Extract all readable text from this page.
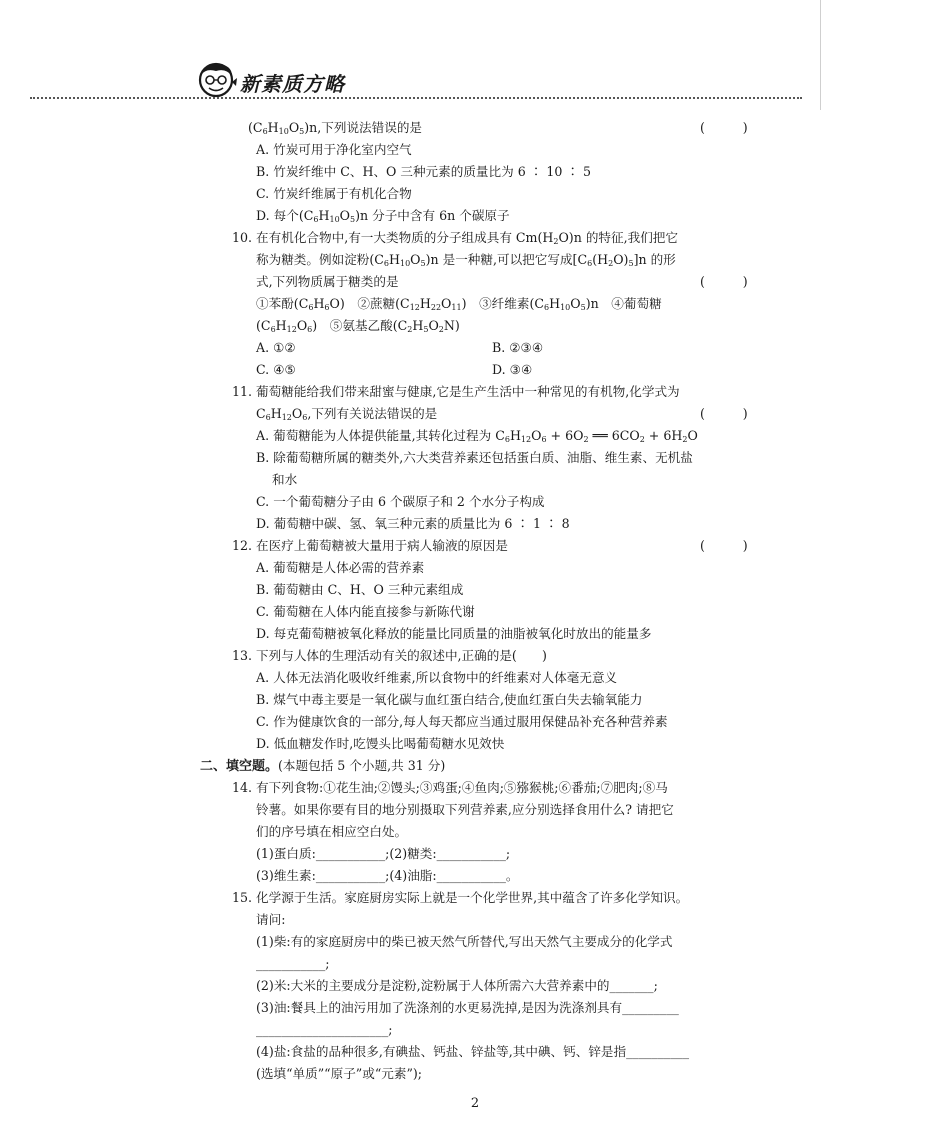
新素质方略
$(C_6H_{10}O_5)n$,下列说法错误的是
A. 竹炭可用于净化室内空气
B. 竹炭纤维中 C、H、O 三种元素的质量比为 6 ∶ 10 ∶ 5
C. 竹炭纤维属于有机化合物
D. 每个$(C_6H_{10}O_5)n$ 分子中含有 6n 个碳原子
10. 在有机化合物中,有一大类物质的分子组成具有 $Cm(H_2O)n$ 的特征,我们把它
称为糖类。例如淀粉$(C_6H_{10}O_5)n$ 是一种糖,可以把它写成$[C_6(H_2O)_5]n$ 的形
式,下列物质属于糖类的是
①苯酚$(C_6H_6O)$　②蔗糖$(C_{12}H_{22}O_{11})$　③纤维素$(C_6H_{10}O_5)n$　④葡萄糖
$(C_6H_{12}O_6)$　⑤氨基乙酸$(C_2H_5O_2N)$
A. ①②	B. ②③④
C. ④⑤	D. ③④
11. 葡萄糖能给我们带来甜蜜与健康,它是生产生活中一种常见的有机物,化学式为
$C_6H_{12}O_6$,下列有关说法错误的是
A. 葡萄糖能为人体提供能量,其转化过程为 $C_6H_{12}O_6 + 6O_2$ ══ $6CO_2 + 6H_2O$
B. 除葡萄糖所属的糖类外,六大类营养素还包括蛋白质、油脂、维生素、无机盐
和水
C. 一个葡萄糖分子由 6 个碳原子和 2 个水分子构成
D. 葡萄糖中碳、氢、氧三种元素的质量比为 6 ∶ 1 ∶ 8
12. 在医疗上葡萄糖被大量用于病人输液的原因是
A. 葡萄糖是人体必需的营养素
B. 葡萄糖由 C、H、O 三种元素组成
C. 葡萄糖在人体内能直接参与新陈代谢
D. 每克葡萄糖被氧化释放的能量比同质量的油脂被氧化时放出的能量多
13. 下列与人体的生理活动有关的叙述中,正确的是(　　)
A. 人体无法消化吸收纤维素,所以食物中的纤维素对人体毫无意义
B. 煤气中毒主要是一氧化碳与血红蛋白结合,使血红蛋白失去输氧能力
C. 作为健康饮食的一部分,每人每天都应当通过服用保健品补充各种营养素
D. 低血糖发作时,吃馒头比喝葡萄糖水见效快
14. 有下列食物:①花生油;②馒头;③鸡蛋;④鱼肉;⑤猕猴桃;⑥番茄;⑦肥肉;⑧马
铃薯。如果你要有目的地分别摄取下列营养素,应分别选择食用什么? 请把它
们的序号填在相应空白处。
(1)蛋白质:___________;(2)糖类:___________;
(3)维生素:___________;(4)油脂:___________。
15. 化学源于生活。家庭厨房实际上就是一个化学世界,其中蕴含了许多化学知识。
请问:
(1)柴:有的家庭厨房中的柴已被天然气所替代,写出天然气主要成分的化学式
___________;
(2)米:大米的主要成分是淀粉,淀粉属于人体所需六大营养素中的_______;
(3)油:餐具上的油污用加了洗涤剂的水更易洗掉,是因为洗涤剂具有_________
_____________________;
(4)盐:食盐的品种很多,有碘盐、钙盐、锌盐等,其中碘、钙、锌是指__________
(选填“单质”“原子”或“元素”);
(　　　)
(　　　)
(　　　)
(　　　)
二、填空题。(本题包括 5 个小题,共 31 分)
2
